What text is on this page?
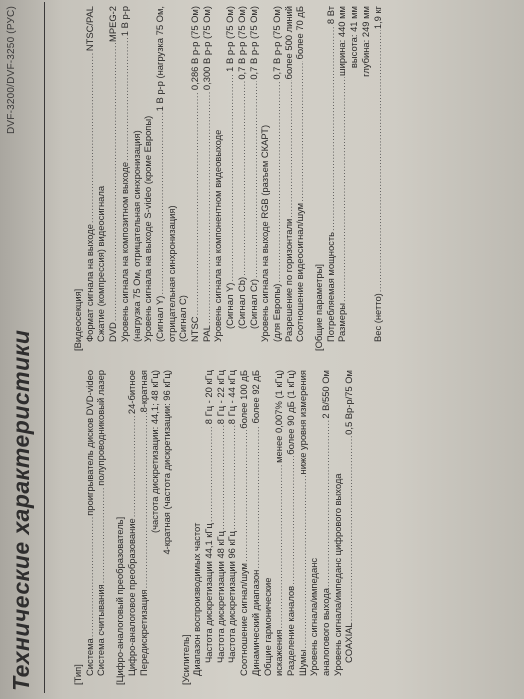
DVF-3200/DVF-3250 (РУС)
Технические характеристики	[Тип] Система
.....
проигрыватель дисков DVD-video
Система считывания
.....
полупроводниковый лазер
[Цифро-аналоговый преобразователь] Цифро-аналоговое преобразование
.....
24-битное
Передискретизация
.....
8-кратная (частота дискретизации: 44,1; 48 кГц) 4-кратная (частота дискретизации: 96 кГц)
[Усилитель] Диапазон воспроизводимых частот Частота дискретизации 44,1 кГц
.....
8 Гц - 20 кГц
Частота дискретизации 48 кГц
.....
8 Гц - 22 кГц
Частота дискретизации 96 кГц
.....
8 Гц - 44 кГц
Соотношение сигнал/шум
.....
более 100 дБ
Динамический диапазон
.....
более 92 дБ
Общие гармонические искажения
.....
менее 0,007% (1 кГц)
Разделение каналов
.....
более 90 дБ (1 кГц)
Шумы
.....
ниже уровня измерения
Уровень сигнала/импеданс аналогового выхода
.....
2 В/550 Ом
Уровень сигнала/импеданс цифрового выхода COAXIAL
.....
0,5 Вр-р/75 Ом
[Видеосекция] Формат сигнала на выходе
.....
NTSC/PAL
Сжатие (компрессия) видеосигнала DVD
.....
MPEG-2
Уровень сигнала на композитном выходе
.....
1 В р-р
(нагрузка 75 Ом, отрицательная синхронизация) Уровень сигнала на выходе S-video (кроме Европы) (Сигнал Y)
.....
1 В р-р (нагрузка 75 Ом,
отрицательная синхронизация) (Сигнал С) NTSC
.....
0,286 В р-р (75 Ом)
PAL
.....
0,300 В р-р (75 Ом)
Уровень сигнала на компонентном видеовыходе (Сигнал Y)
.....
1 В р-р (75 Ом)
(Сигнал Cb)
.....
0,7 В р-р (75 Ом)
(Сигнал Cr)
.....
0,7 В р-р (75 Ом)
Уровень сигнала на выходе RGB (разъем СКАРТ) (для Европы)
.....
0,7 В р-р (75 Ом)
Разрешение по горизонтали
.....
более 500 линий
Соотношение видеосигнал/шум
.....
более 70 дБ
[Общие параметры] Потребляемая мощность
.....
8 Вт
Размеры
.....
ширина: 440 мм высота: 41 мм глубина: 249 мм
Вес (нетто)
.....
1,9 кг
